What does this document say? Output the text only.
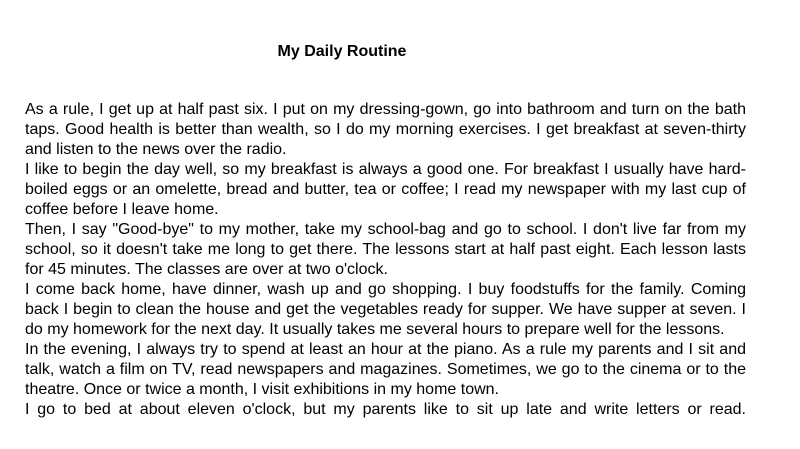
My Daily Routine

As a rule, I get up at half past six. I put on my dressing-gown, go into bathroom and turn on the bath taps. Good health is better than wealth, so I do my morning exercises. I get breakfast at seven-thirty and listen to the news over the radio.

I like to begin the day well, so my breakfast is always a good one. For breakfast I usually have hard-boiled eggs or an omelette, bread and butter, tea or coffee; I read my newspaper with my last cup of coffee before I leave home.

Then, I say "Good-bye" to my mother, take my school-bag and go to school. I don't live far from my school, so it doesn't take me long to get there. The lessons start at half past eight. Each lesson lasts for 45 minutes. The classes are over at two o'clock.

I come back home, have dinner, wash up and go shopping. I buy foodstuffs for the family. Coming back I begin to clean the house and get the vegetables ready for supper. We have supper at seven. I do my homework for the next day. It usually takes me several hours to prepare well for the lessons.

In the evening, I always try to spend at least an hour at the piano. As a rule my parents and I sit and talk, watch a film on TV, read newspapers and magazines. Sometimes, we go to the cinema or to the theatre. Once or twice a month, I visit exhibitions in my home town.

I go to bed at about eleven o'clock, but my parents like to sit up late and write letters or read.
